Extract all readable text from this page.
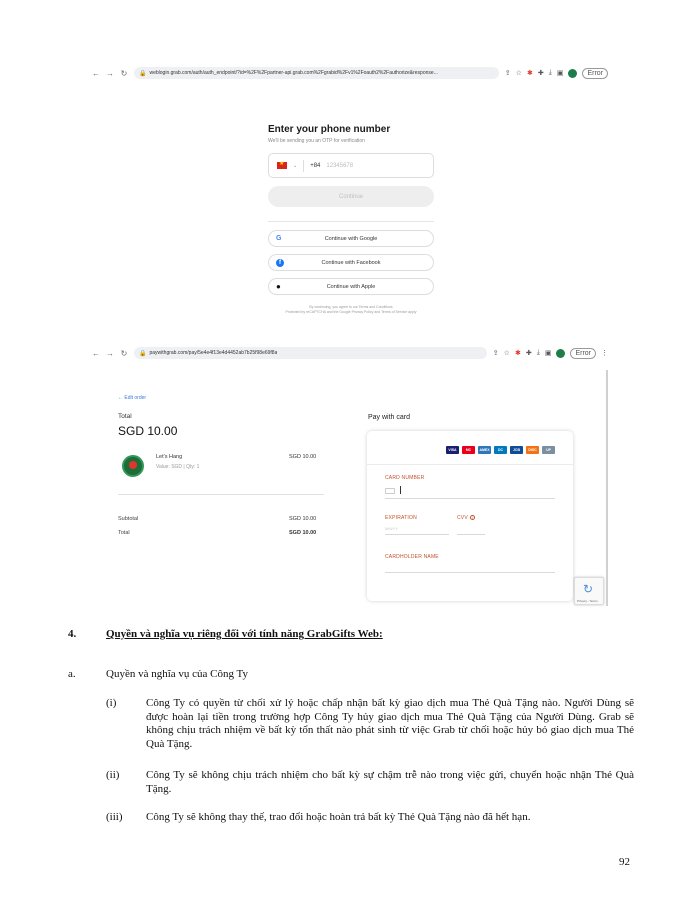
← → ↻ 🔒 weblogin.grab.com/auth/auth_endpoint/?id=%2F%2Fpartner-api.grab.com%2Fgrabid%2Fv1%2Foauth2%2Fauthorize&response...	⇪ ☆ ✱ ✚ ⤓ ▣	I	Error
Enter your phone number
We'll be sending you an OTP for verification
★
⌄ +84 12345678
Continue
G	Continue with Google
f	Continue with Facebook
●	Continue with Apple
By continuing, you agree to our Terms and Conditions
Protected by reCAPTCHA and the Google Privacy Policy and Terms of Service apply
← → ↻ 🔒 paywithgrab.com/pay/5e4e4f13e4d4452ab7b25f98e69f8a	⇪ ☆ ✱ ✚ ⤓ ▣	I	Error	⋮
← Edit order
Total
SGD 10.00
Let's Hang
Value: SGD | Qty: 1
SGD 10.00
Subtotal	SGD 10.00
Total	SGD 10.00
Pay with card
VISA	MC	AMEX	DC	JCB	DISC	UP
CARD NUMBER
EXPIRATION
MM/YY
CVV i
CARDHOLDER NAME
↻
Privacy - Terms
4.	Quyền và nghĩa vụ riêng đối với tính năng GrabGifts Web:
a.	Quyền và nghĩa vụ của Công Ty
(i)	Công Ty có quyền từ chối xử lý hoặc chấp nhận bất kỳ giao dịch mua Thẻ Quà Tặng nào. Người Dùng sẽ được hoàn lại tiền trong trường hợp Công Ty hủy giao dịch mua Thẻ Quà Tặng của Người Dùng. Grab sẽ không chịu trách nhiệm về bất kỳ tổn thất nào phát sinh từ việc Grab từ chối hoặc hủy bỏ giao dịch mua Thẻ Quà Tặng.
(ii) Công Ty sẽ không chịu trách nhiệm cho bất kỳ sự chậm trễ nào trong việc gửi, chuyển hoặc nhận Thẻ Quà Tặng.
(iii) Công Ty sẽ không thay thế, trao đổi hoặc hoàn trả bất kỳ Thẻ Quà Tặng nào đã hết hạn.
92
